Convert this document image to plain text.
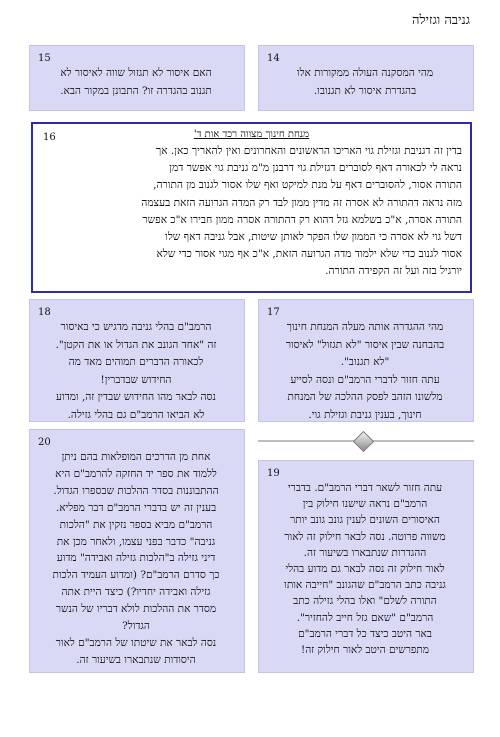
גניבה וגזילה
15
האם איסור לא תגזול שווה לאיסור לא
תגנוב בהגדרה זו? התבונן במקור הבא.
14
מהי המסקנה העולה ממקורות אלו
בהגדרת איסור לא תגנובו.
16	מנחת חינוך מצווה רכד אות ד'
בדין זה דגניבת וגזילת גוי האריכו הראשונים והאחרונים ואין להאריך כאן. אך
נראה לי לכאורה דאף לסוברים דגזילת גוי דרבנן מ"מ גניבת גוי אפשר דמן
התורה אסור, להסוברים דאף על מנת למיקט ואף שלו אסור לגנוב מן התורה,
מזה נראה דהתורה לא אסרה זה מדין ממון לבד רק המדה הגרועה הזאת בעצמה
התורה אסרה, א"כ בשלמא גזל דהוא רק דהתורה אסרה ממון חבירו א"כ אפשר
דשל גוי לא אסרה כי הממון שלו הפקר לאותן שיטות, אבל גניבה דאף שלו
אסור לגנוב כדי שלא ילמוד מדה הגרועה הזאת, א"כ אף מגוי אסור כדי שלא
יורגיל בזה ועל זה הקפידה התורה.
18
הרמב"ם בהלי גניבה מדגיש כי באיסור
זה "אחד הגונב את הגדול או את הקטן".
לכאורה הדברים תמוהים מאד מה
החידוש שבדברין!
נסה לבאר מהו החידוש שבדין זה, ומדוע
לא הביאו הרמב"ם גם בהלי גזילה.
17
מהי ההגדרה אותה מעלה המנחת חינוך
בהבחנה שבין איסור "לא תגזול" לאיסור
"לא תגנוב".
עתה חזור לדברי הרמב"ם ונסה לסייע
מלשונו הזהב לפסק ההלכה של המנחת
חינוך, בענין גניבת וגזילת גוי.
20
אחת מן הדרכים המופלאות בהם ניתן
ללמוד את ספר יד החזקה להרמב"ם היא
ההתבוננות בסדר ההלכות שבספרו הגדול.
בענין זה יש בדברי הרמב"ם דבר מפליא.
הרמב"ם מביא בספר נזקין את "הלכות
גניבה" כדבר בפני עצמו, ולאחר מכן את
דיני גזילה ב"הלכות גזילה ואבידה" מדוע
כך סדרם הרמב"ם? (ומדוע העמיד הלכות
גזילה ואבידה יחדיו?) כיצד היית אתה
מסדר את ההלכות לולא דבריו של הנשר
הגדול?
נסה לבאר את שיטתו של הרמב"ם לאור
היסודות שנתבארו בשיעור זה.
19
עתה חזור לשאר דברי הרמב"ם. בדברי
הרמב"ם נראה שישנו חילוק בין
האיסורים השונים לענין גונב גונב יותר
משווה פרוטה. נסה לבאר חילוק זה לאור
ההגדרות שנתבארו בשיעור זה.
לאור חילוק זה נסה לבאר גם מדוע בהלי
גניבה כתב הרמב"ם שהגונב "חייבה אותו
התורה לשלם" ואלו בהלי גזילה כתב
הרמב"ם "שאם גזל חייב להחזיר".
באר היטב כיצד כל דברי הרמב"ם
מתפרשים היטב לאור חילוק זה!
